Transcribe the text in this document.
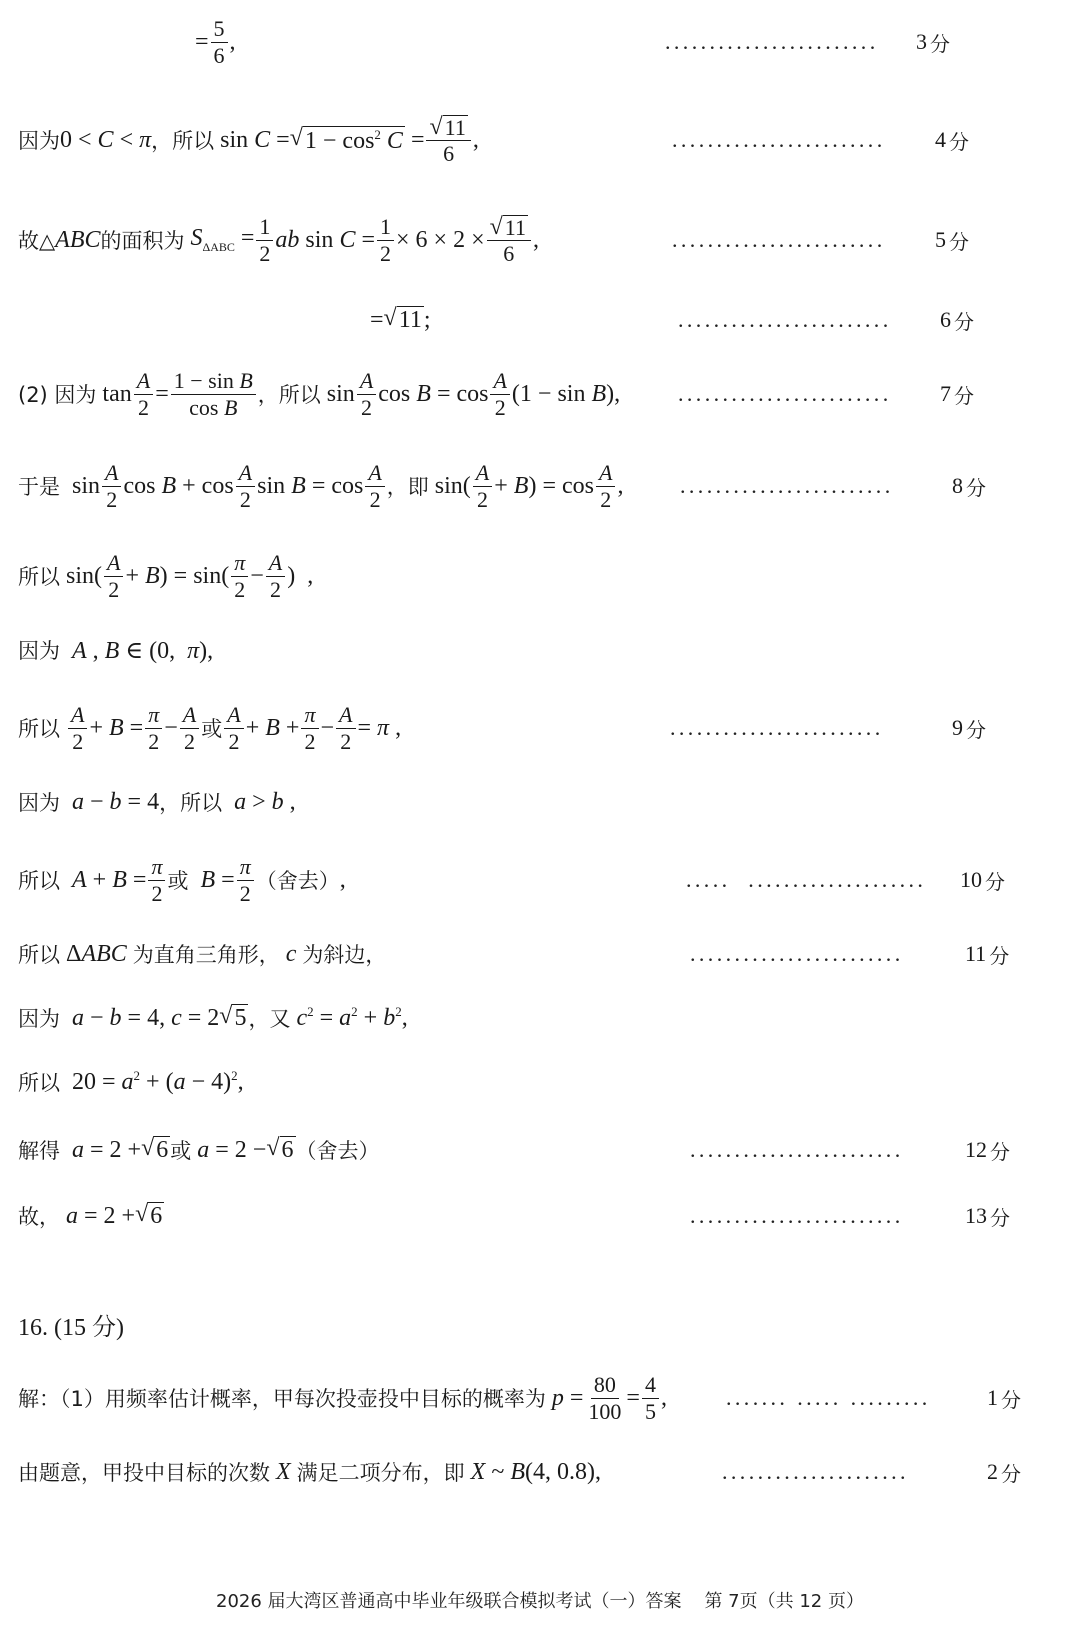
= $\frac{5}{6}$ ,	........................ 3 分
因为 0 < C < π ，所以 sin C = √ $1 - \cos^2 C = \frac{√ 11}{6}$ ,	........................ 4 分
故△ ABC 的面积为 $S_{\Delta ABC} = \frac{1}{2}$ ab $\sin C = \frac{1}{2} \times 6 \times 2 \times \frac{√ 11}{6}$ ,	........................ 5 分
= √ 11 ;	........................ 6 分
(2) 因为 $\tan \frac{A}{2} = \frac{\text{1 − sin B}}{\text{cos B}}$ ，所以 $\sin \frac{A}{2}$ $\cos B = \cos \frac{A}{2} (1 - \sin B)$,	........................ 7 分
于是 $\sin \frac{A}{2}$ $\cos B + \cos \frac{A}{2}$ $\sin B = \cos \frac{A}{2}$ ，即 $\sin( \frac{A}{2} + B) = \cos \frac{A}{2}$ ,	........................	8 分
所以 $\sin( \frac{A}{2} + B) = \sin( \frac{\pi}{2} - \frac{A}{2}$ )  ,
因为 A , B ∈ (0,  π),
所以
$\frac{A}{2} + B = \frac{\pi}{2} - \frac{A}{2}$ 或 $\frac{A}{2} + B + \frac{\pi}{2} - \frac{A}{2} = \pi$ ,	........................	9 分
因为 a − b = 4 ，所以 a > b ,
所以 $A + B = \frac{\pi}{2}$ 或 $B = \frac{\pi}{2}$ （舍去） ,	.....  .................... 10 分
所以 ΔABC 为直角三角形， c 为斜边，	........................	11 分
因为 a − b = 4, c = 2 √ 5 ，又 $c^2 = a^2 + b^2$,
所以 $20 = a^2 + (a - 4)^2$,
解得 a = 2 + √ 6 或 a = 2 − √ 6 （舍去）	........................	12 分
故， a = 2 + √ 6	........................	13 分
16. (15 分)
解：（1）用频率估计概率，甲每次投壶投中目标的概率为 $p = \frac{80}{100} = \frac{4}{5}$ ,	....... ..... .........	1 分
由题意，甲投中目标的次数 X 满足二项分布，即 X ~ B(4, 0.8),	.....................	2 分
2026 届大湾区普通高中毕业年级联合模拟考试（一）答案    第 7页（共 12 页）
